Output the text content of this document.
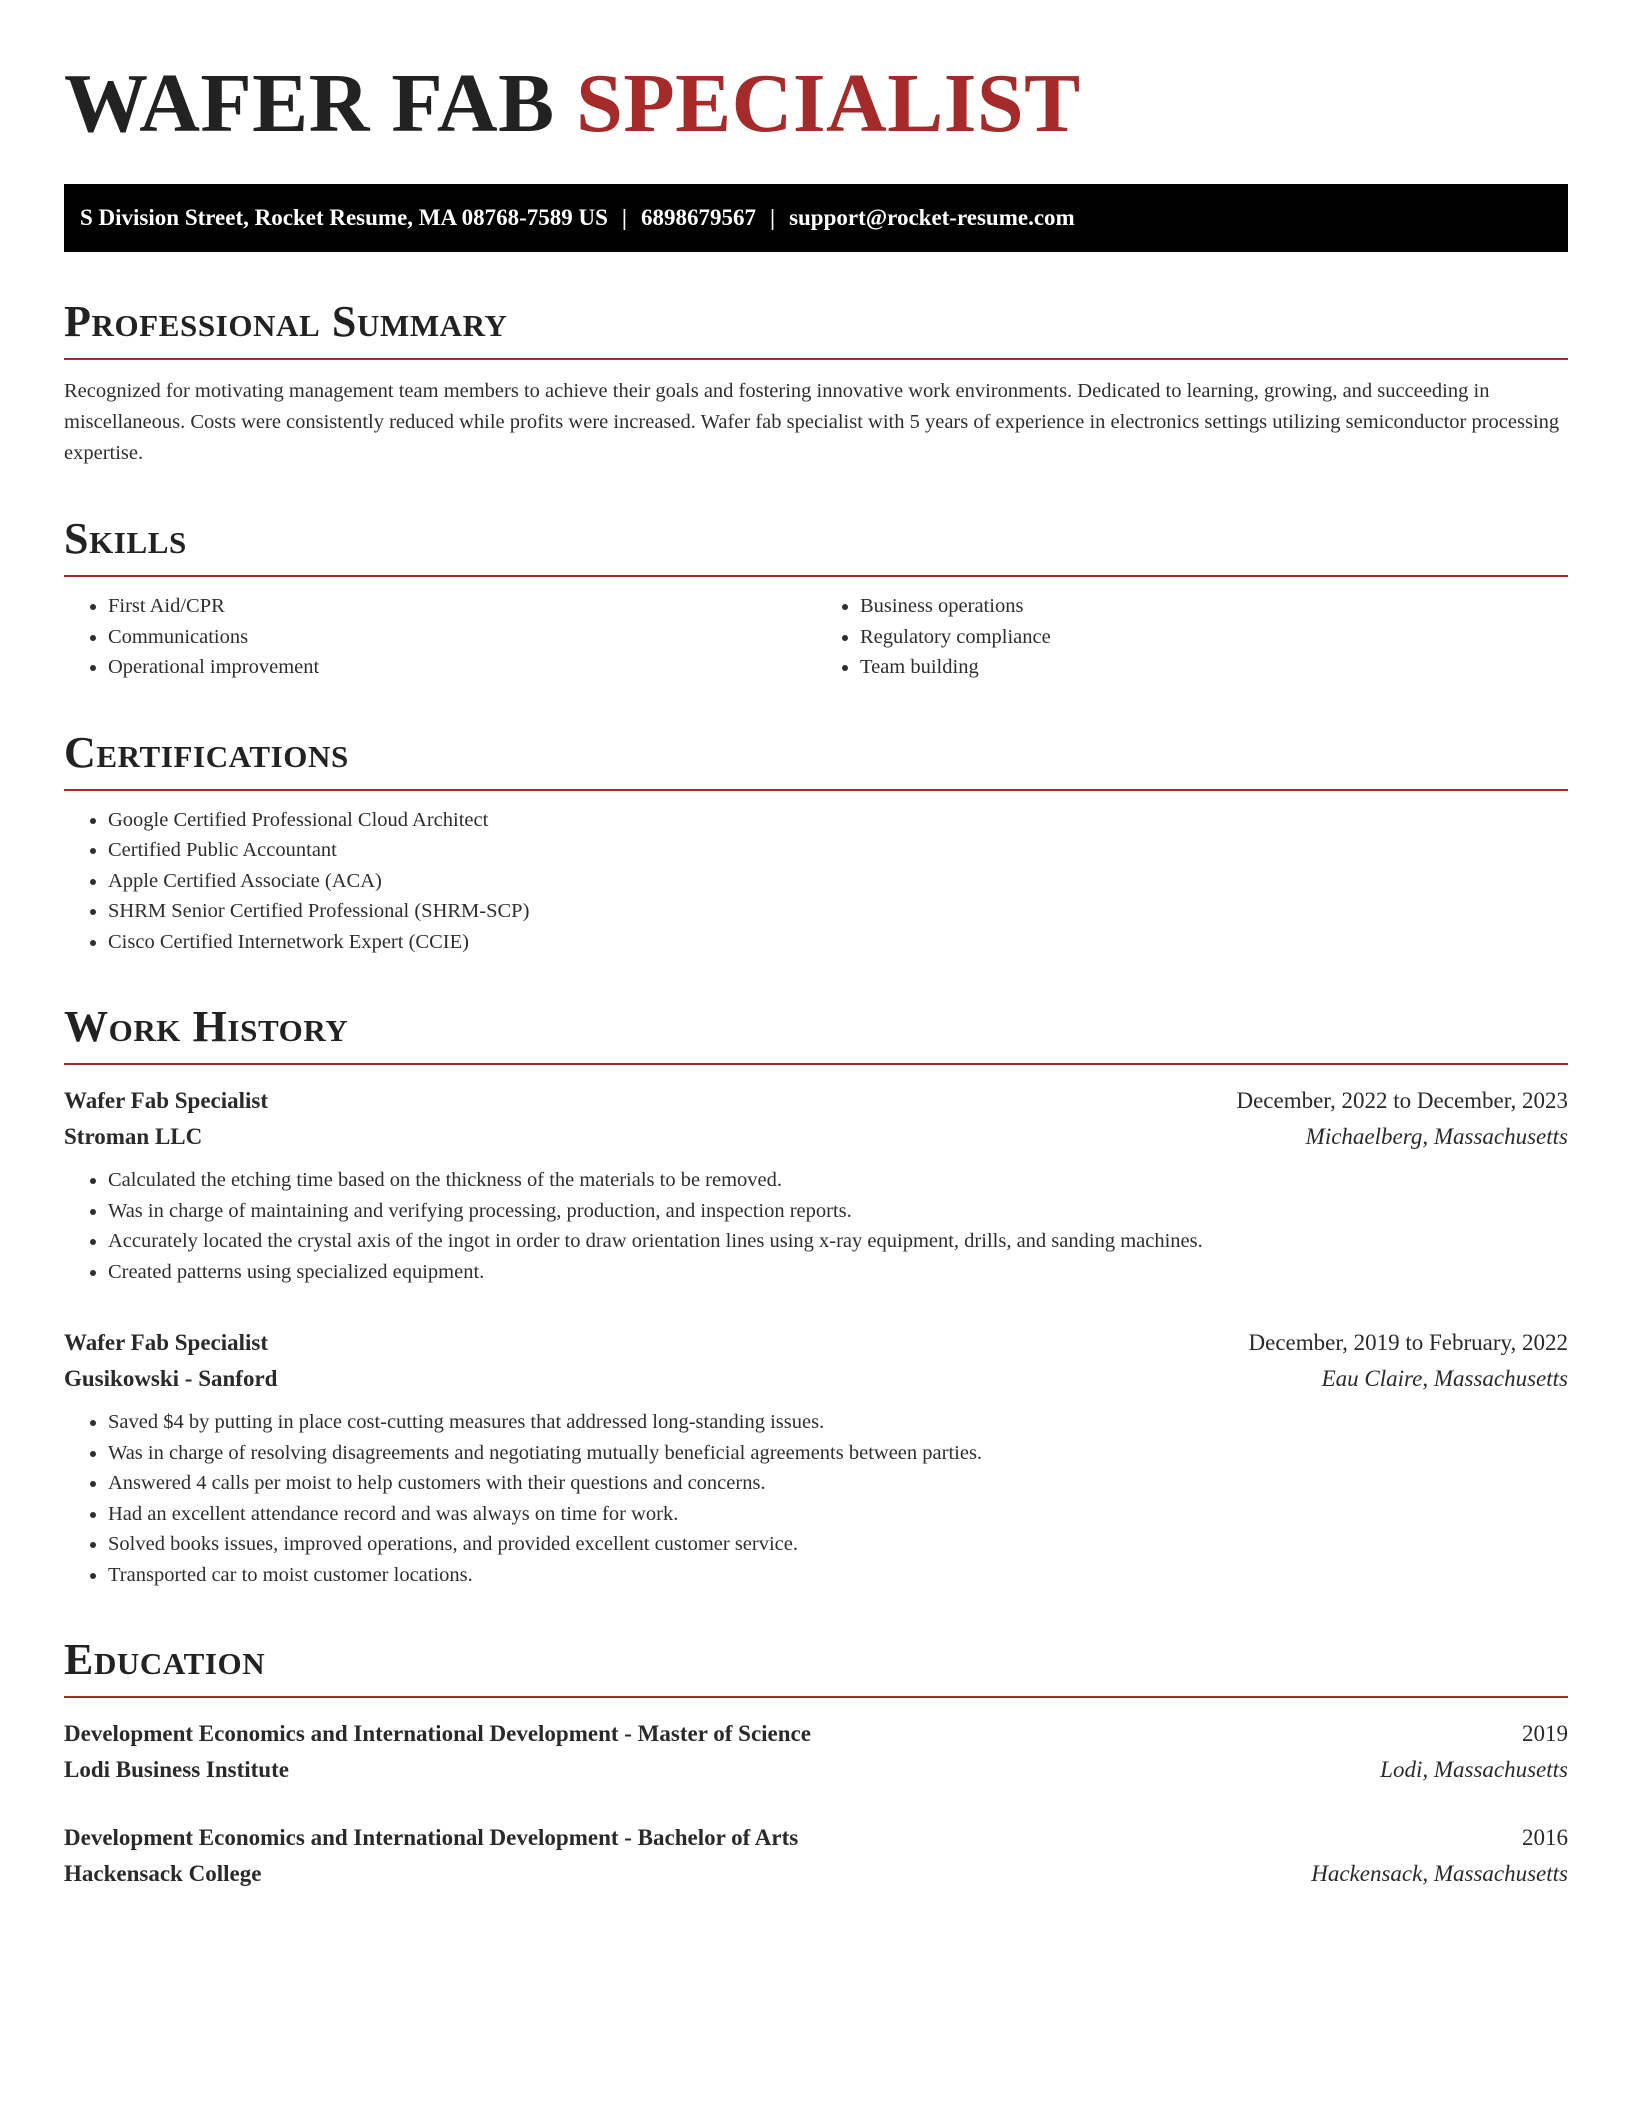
WAFER FAB SPECIALIST
S Division Street, Rocket Resume, MA 08768-7589 US | 6898679567 | support@rocket-resume.com
Professional Summary

Recognized for motivating management team members to achieve their goals and fostering innovative work environments. Dedicated to learning, growing, and succeeding in miscellaneous. Costs were consistently reduced while profits were increased. Wafer fab specialist with 5 years of experience in electronics settings utilizing semiconductor processing expertise.

Skills
• First Aid/CPR
• Communications
• Operational improvement
• Business operations
• Regulatory compliance
• Team building
Certifications
• Google Certified Professional Cloud Architect
• Certified Public Accountant
• Apple Certified Associate (ACA)
• SHRM Senior Certified Professional (SHRM-SCP)
• Cisco Certified Internetwork Expert (CCIE)
Work History
Wafer Fab Specialist	December, 2022 to December, 2023
Stroman LLC	Michaelberg, Massachusetts
• Calculated the etching time based on the thickness of the materials to be removed.
• Was in charge of maintaining and verifying processing, production, and inspection reports.
• Accurately located the crystal axis of the ingot in order to draw orientation lines using x-ray equipment, drills, and sanding machines.
• Created patterns using specialized equipment.
Wafer Fab Specialist	December, 2019 to February, 2022
Gusikowski - Sanford	Eau Claire, Massachusetts
• Saved $4 by putting in place cost-cutting measures that addressed long-standing issues.
• Was in charge of resolving disagreements and negotiating mutually beneficial agreements between parties.
• Answered 4 calls per moist to help customers with their questions and concerns.
• Had an excellent attendance record and was always on time for work.
• Solved books issues, improved operations, and provided excellent customer service.
• Transported car to moist customer locations.
Education
Development Economics and International Development - Master of Science	2019
Lodi Business Institute	Lodi, Massachusetts
Development Economics and International Development - Bachelor of Arts	2016
Hackensack College	Hackensack, Massachusetts
